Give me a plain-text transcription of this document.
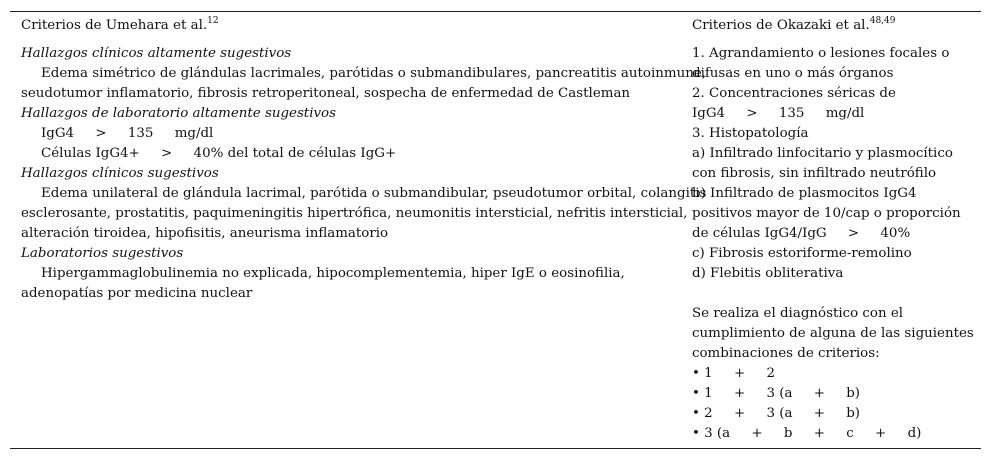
Criterios de Umehara et al.$^{12}$
Hallazgos clínicos altamente sugestivos
Edema simétrico de glándulas lacrimales, parótidas o submandibulares, pancreatitis autoinmune,
seudotumor inflamatorio, fibrosis retroperitoneal, sospecha de enfermedad de Castleman
Hallazgos de laboratorio altamente sugestivos
IgG4     >     135     mg/dl
Células IgG4+     >     40% del total de células IgG+
Hallazgos clínicos sugestivos
Edema unilateral de glándula lacrimal, parótida o submandibular, pseudotumor orbital, colangitis
esclerosante, prostatitis, paquimeningitis hipertrófica, neumonitis intersticial, nefritis intersticial,
alteración tiroidea, hipofisitis, aneurisma inflamatorio
Laboratorios sugestivos
Hipergammaglobulinemia no explicada, hipocomplementemia, hiper IgE o eosinofilia,
adenopatías por medicina nuclear
Criterios de Okazaki et al.$^{48,49}$
1. Agrandamiento o lesiones focales o
difusas en uno o más órganos
2. Concentraciones séricas de
IgG4     >     135     mg/dl
3. Histopatología
a) Infiltrado linfocitario y plasmocítico
con fibrosis, sin infiltrado neutrófilo
b) Infiltrado de plasmocitos IgG4
positivos mayor de 10/cap o proporción
de células IgG4/IgG     >     40%
c) Fibrosis estoriforme-remolino
d) Flebitis obliterativa
Se realiza el diagnóstico con el
cumplimiento de alguna de las siguientes
combinaciones de criterios:
• 1     +     2
• 1     +     3 (a     +     b)
• 2     +     3 (a     +     b)
• 3 (a     +     b     +     c     +     d)
